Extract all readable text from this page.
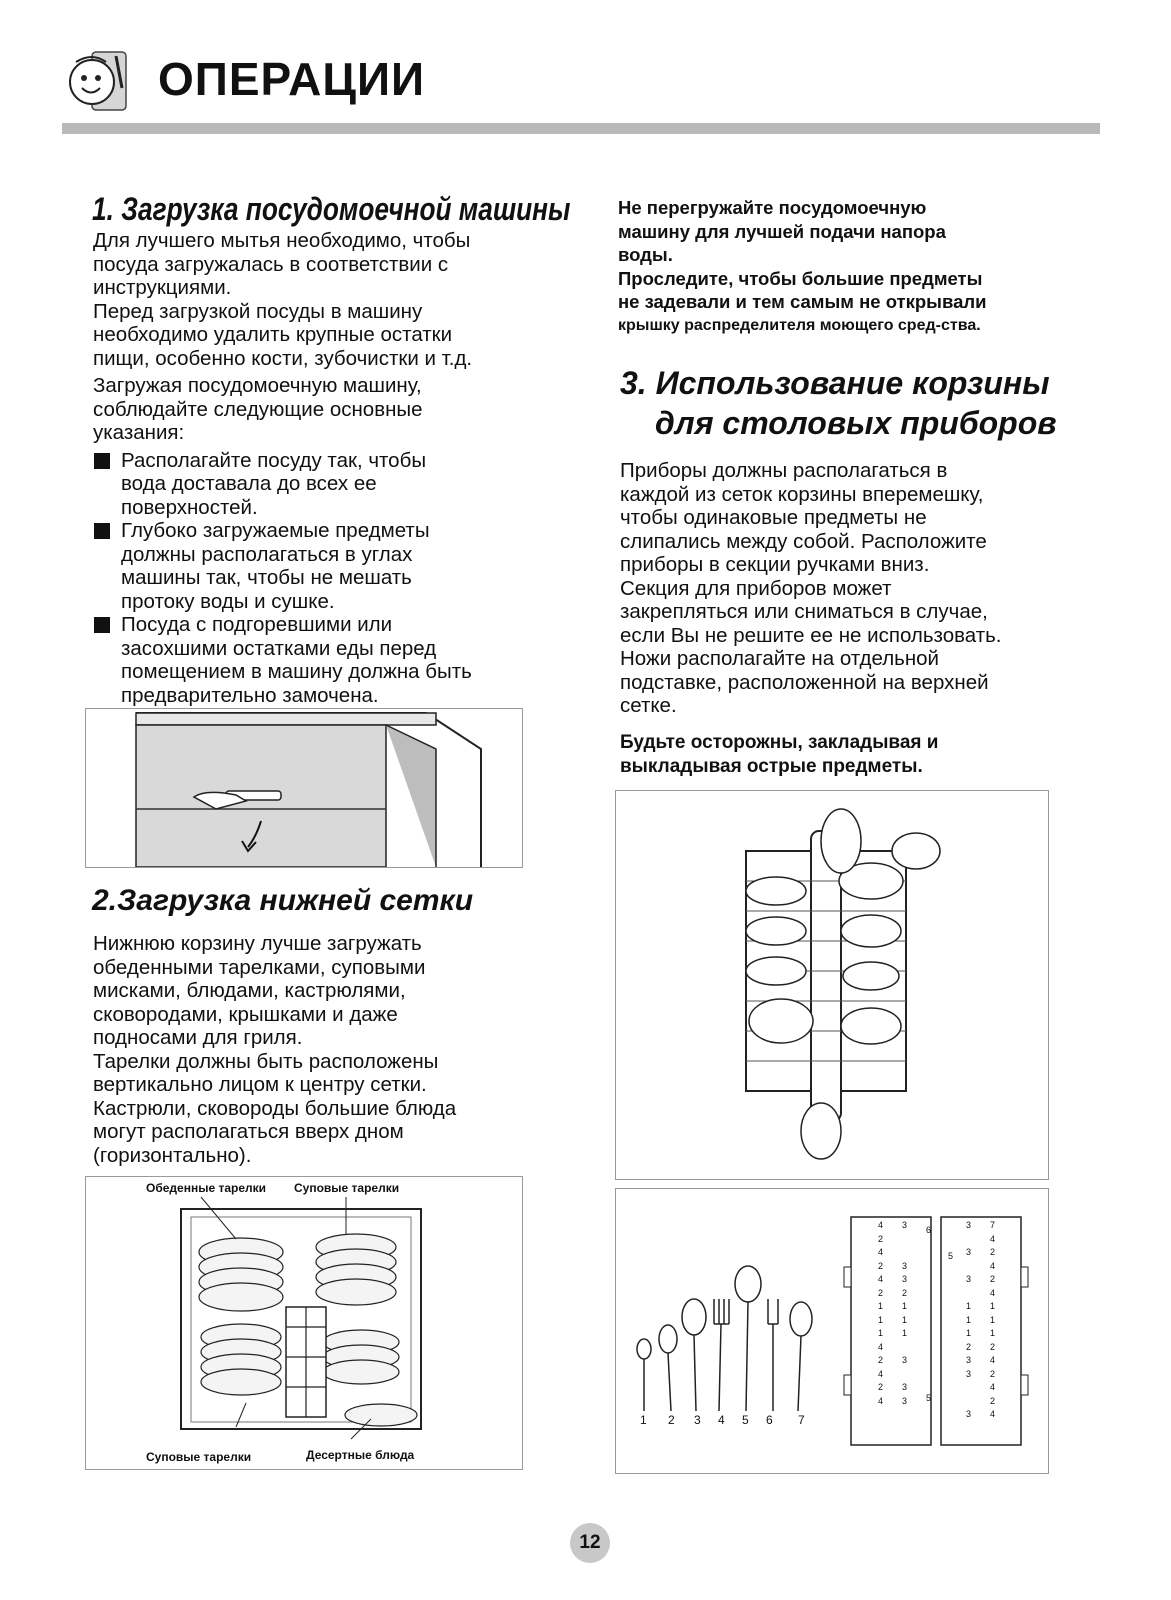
ОПЕРАЦИИ
1. Загрузка посудомоечной машины
Для лучшего мытья необходимо, чтобы
посуда загружалась в соответствии с
инструкциями.
Перед загрузкой посуды в машину
необходимо удалить крупные остатки
пищи, особенно кости, зубочистки и т.д.
Загружая посудомоечную машину,
соблюдайте следующие основные
указания:
Располагайте посуду так, чтобы
вода доставала до всех ее
поверхностей.
Глубоко загружаемые предметы
должны располагаться в углах
машины так, чтобы не мешать
протоку воды и сушке.
Посуда с подгоревшими или
засохшими остатками еды перед
помещением в машину должна быть
предварительно замочена.
2.Загрузка нижней сетки
Нижнюю корзину лучше загружать
обеденными тарелками, суповыми
мисками, блюдами, кастрюлями,
сковородами, крышками и даже
подносами для гриля.
Тарелки должны быть расположены
вертикально лицом к центру сетки.
Кастрюли, сковороды большие блюда
могут располагаться вверх дном
(горизонтально).
Обеденные тарелки Суповые тарелки
Суповые тарелки	Десертные блюда
Не перегружайте посудомоечную
машину для лучшей подачи напора
воды.
Проследите, чтобы большие предметы
не задевали и тем самым не открывали
крышку распределителя моющего сред-ства.
3. Использование корзины
для столовых приборов
Приборы должны располагаться в
каждой из сеток корзины вперемешку,
чтобы одинаковые предметы не
слипались между собой. Расположите
приборы в секции ручками вниз.
Секция для приборов может
закрепляться или сниматься в случае,
если Вы не решите ее не использовать.
Ножи располагайте на отдельной
подставке, расположенной на верхней
сетке.
Будьте осторожны, закладывая и
выкладывая острые предметы.
1 2 3 4 5 6 7
4	3
2
4
2	3
4	3
2	2
1	1
1	1
1	1
4
2	3
4
2	3
4	3
3	7
4
3	2
4
3	2
4
1	1
1	1
1	1
2	2
3	4
3	2
4
2
3	4
6
5
5
12
